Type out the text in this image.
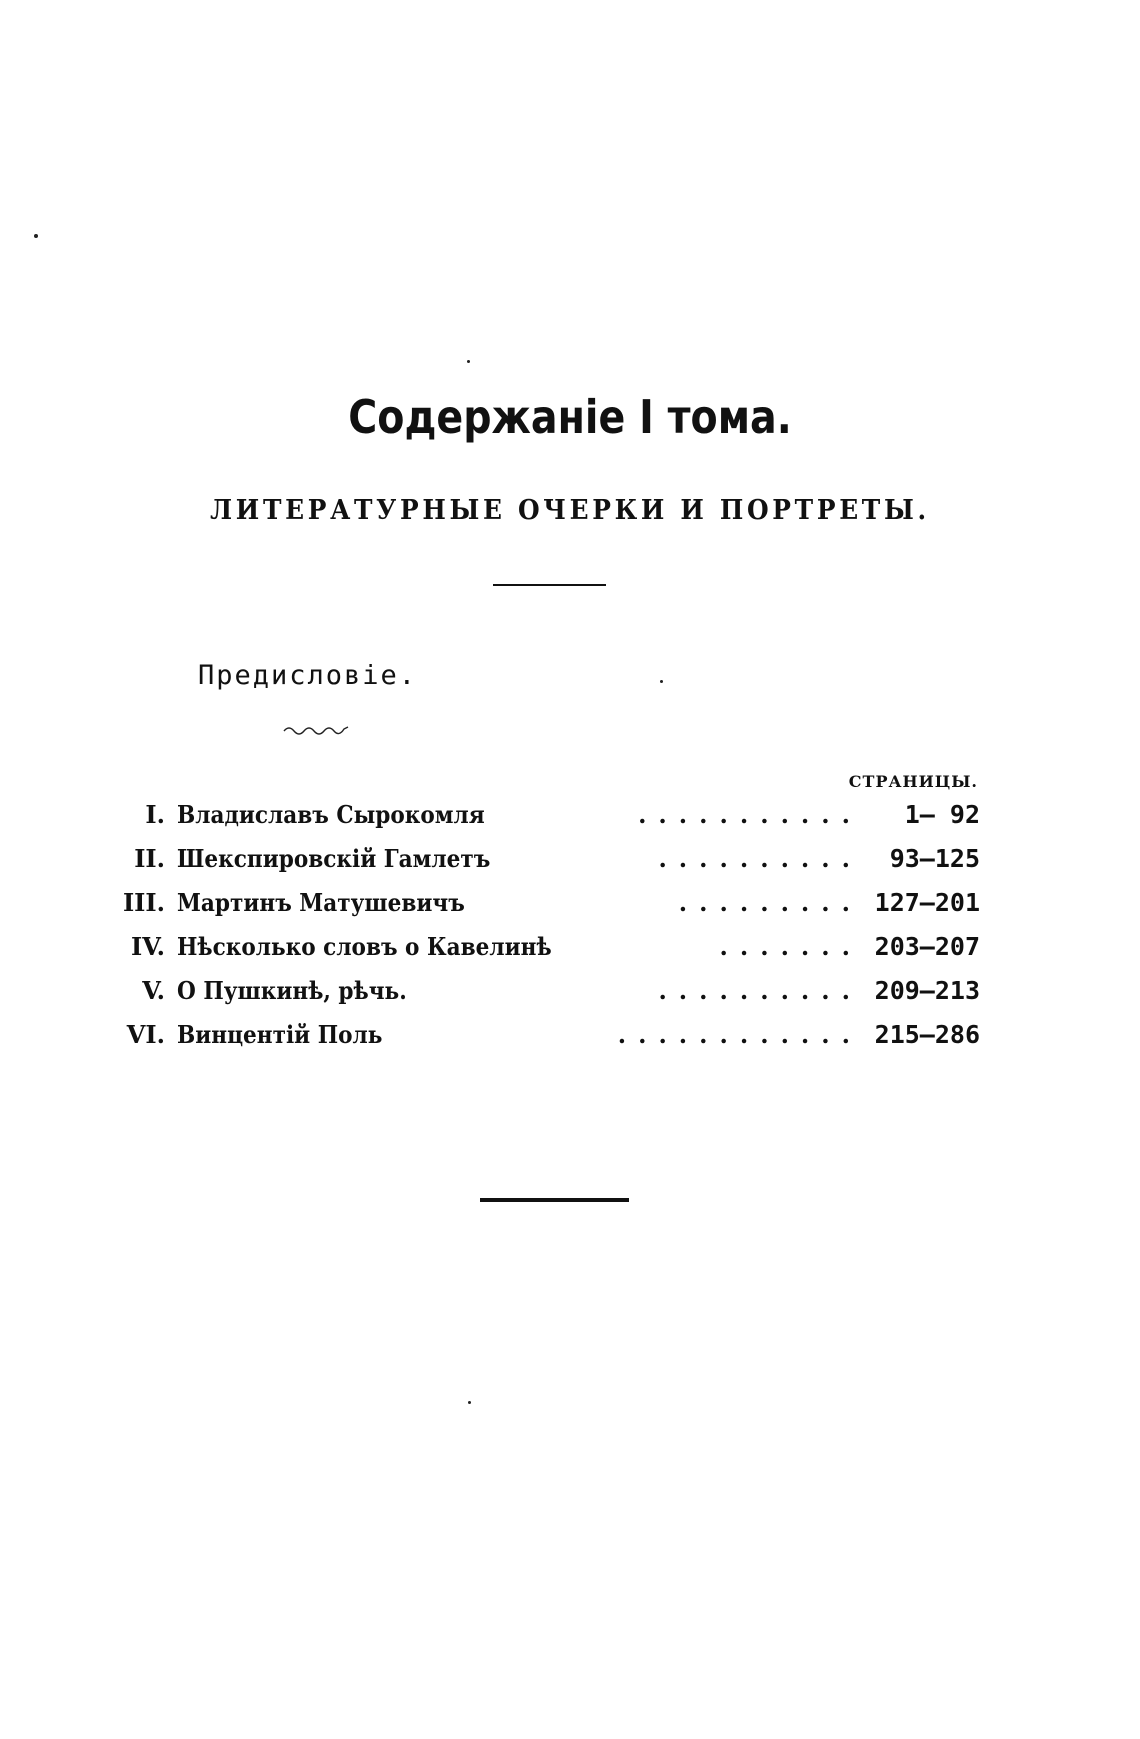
Содержаніе I тома.
ЛИТЕРАТУРНЫЕ ОЧЕРКИ И ПОРТРЕТЫ.
Предисловіе.
СТРАНИЦЫ.
I. Владиславъ Сырокомля	........... 1— 92
II. Шекспировскій Гамлетъ	.......... 93—125
III. Мартинъ Матушевичъ	......... 127—201
IV. Нѣсколько словъ о Кавелинѣ	....... 203—207
V. О Пушкинѣ, рѣчь.	.......... 209—213
VI. Винцентій Поль	............ 215—286
